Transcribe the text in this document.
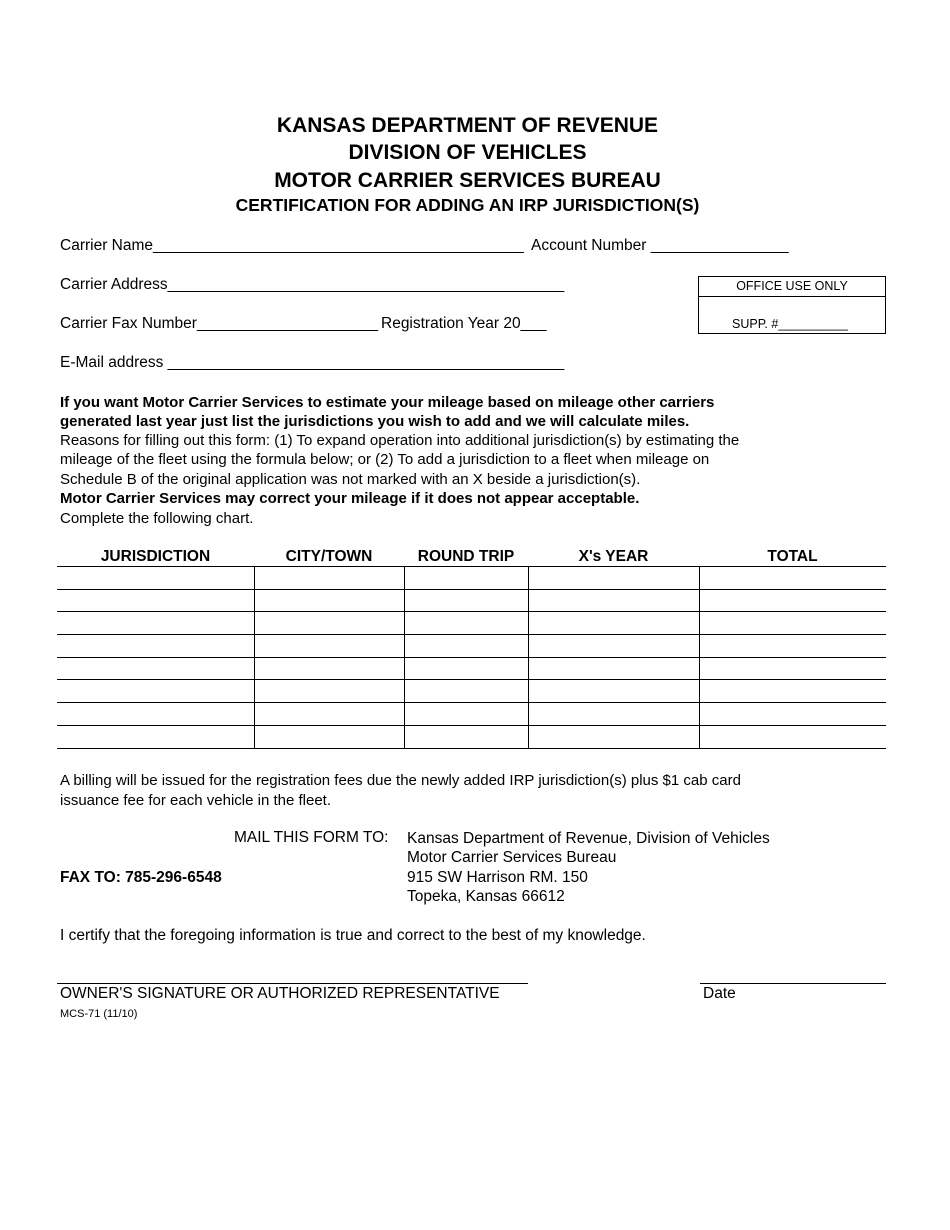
KANSAS DEPARTMENT OF REVENUE
DIVISION OF VEHICLES
MOTOR CARRIER SERVICES BUREAU
CERTIFICATION FOR ADDING AN IRP JURISDICTION(S)
Carrier Name___________________________________________ Account Number ________________
Carrier Address______________________________________________
Carrier Fax Number_____________________ Registration Year 20___
E-Mail address ______________________________________________
OFFICE USE ONLY
SUPP. #__________
If you want Motor Carrier Services to estimate your mileage based on mileage other carriers
generated last year just list the jurisdictions you wish to add and we will calculate miles.
Reasons for filling out this form: (1) To expand operation into additional jurisdiction(s) by estimating the
mileage of the fleet using the formula below; or (2) To add a jurisdiction to a fleet when mileage on
Schedule B of the original application was not marked with an X beside a jurisdiction(s).
Motor Carrier Services may correct your mileage if it does not appear acceptable.
Complete the following chart.
JURISDICTION	CITY/TOWN	ROUND TRIP	X's YEAR	TOTAL
A billing will be issued for the registration fees due the newly added IRP jurisdiction(s) plus $1 cab card
issuance fee for each vehicle in the fleet.
MAIL THIS FORM TO: Kansas Department of Revenue, Division of Vehicles
Motor Carrier Services Bureau
915 SW Harrison RM. 150
Topeka, Kansas 66612
FAX TO: 785-296-6548
I certify that the foregoing information is true and correct to the best of my knowledge.
OWNER'S SIGNATURE OR AUTHORIZED REPRESENTATIVE	Date
MCS-71 (11/10)
